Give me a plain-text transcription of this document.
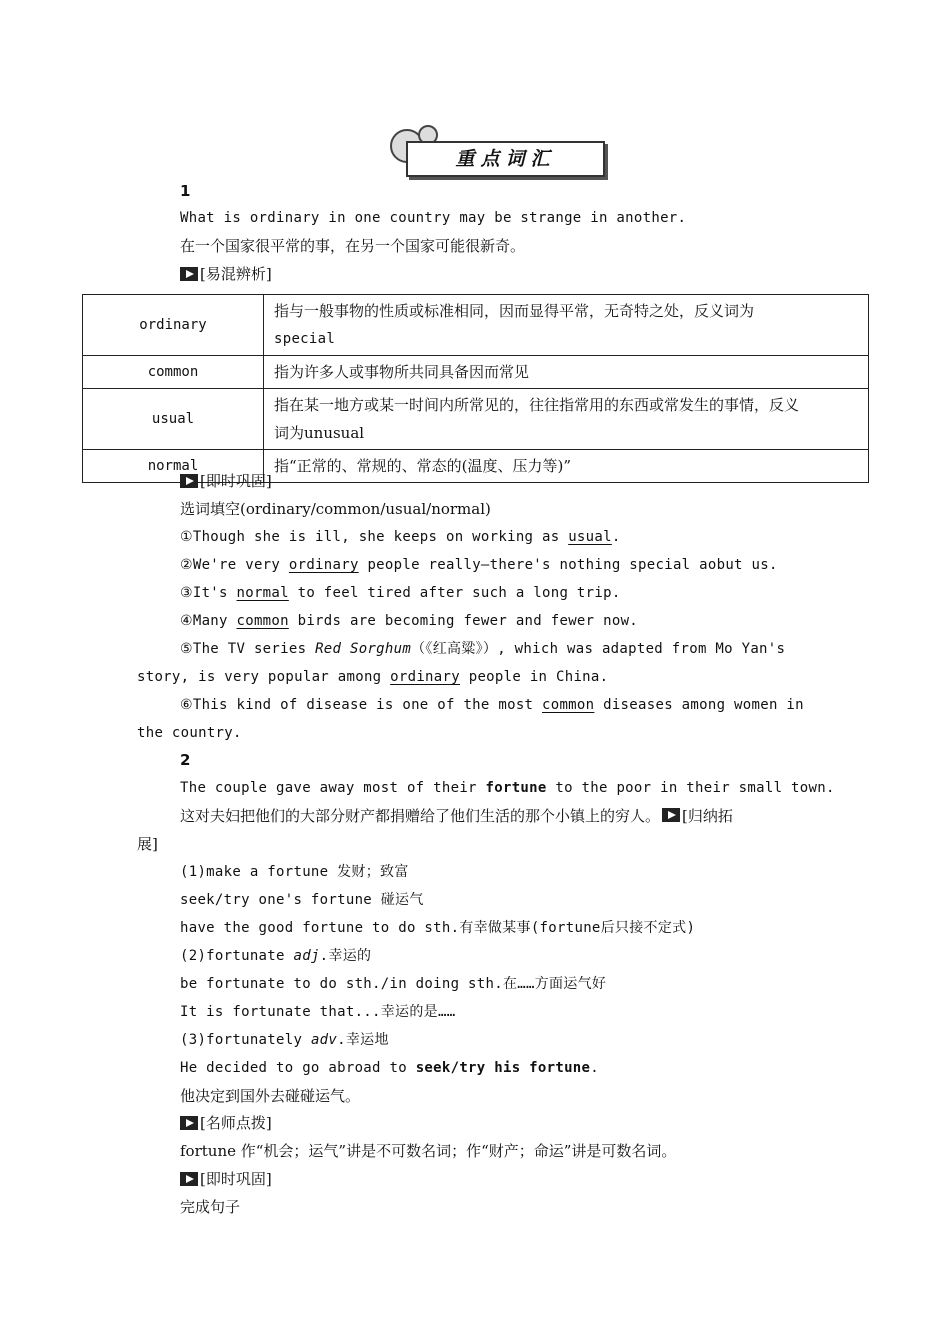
重点词汇
1
What is ordinary in one country may be strange in another.
在一个国家很平常的事，在另一个国家可能很新奇。
[易混辨析]
ordinary	指与一般事物的性质或标准相同，因而显得平常，无奇特之处，反义词为
special

common	指为许多人或事物所共同具备因而常见

usual	指在某一地方或某一时间内所常见的，往往指常用的东西或常发生的事情，反义
词为unusual

normal	指“正常的、常规的、常态的(温度、压力等)”
[即时巩固]
选词填空(ordinary/common/usual/normal)
①Though she is ill, she keeps on working as usual.
②We're very ordinary people really—there's nothing special aobut us.
③It's normal to feel tired after such a long trip.
④Many common birds are becoming fewer and fewer now.
⑤The TV series Red Sorghum（《红高粱》）, which was adapted from Mo Yan's
story, is very popular among ordinary people in China.
⑥This kind of disease is one of the most common diseases among women in
the country.
2
The couple gave away most of their fortune to the poor in their small town.
这对夫妇把他们的大部分财产都捐赠给了他们生活的那个小镇上的穷人。 [归纳拓
展]
(1)make a fortune 发财；致富
seek/try one's fortune 碰运气
have the good fortune to do sth.有幸做某事(fortune后只接不定式)
(2)fortunate adj.幸运的
be fortunate to do sth./in doing sth.在……方面运气好
It is fortunate that...幸运的是……
(3)fortunately adv.幸运地
He decided to go abroad to seek/try his fortune.
他决定到国外去碰碰运气。
[名师点拨]
fortune 作“机会；运气”讲是不可数名词；作“财产；命运”讲是可数名词。
[即时巩固]
完成句子
